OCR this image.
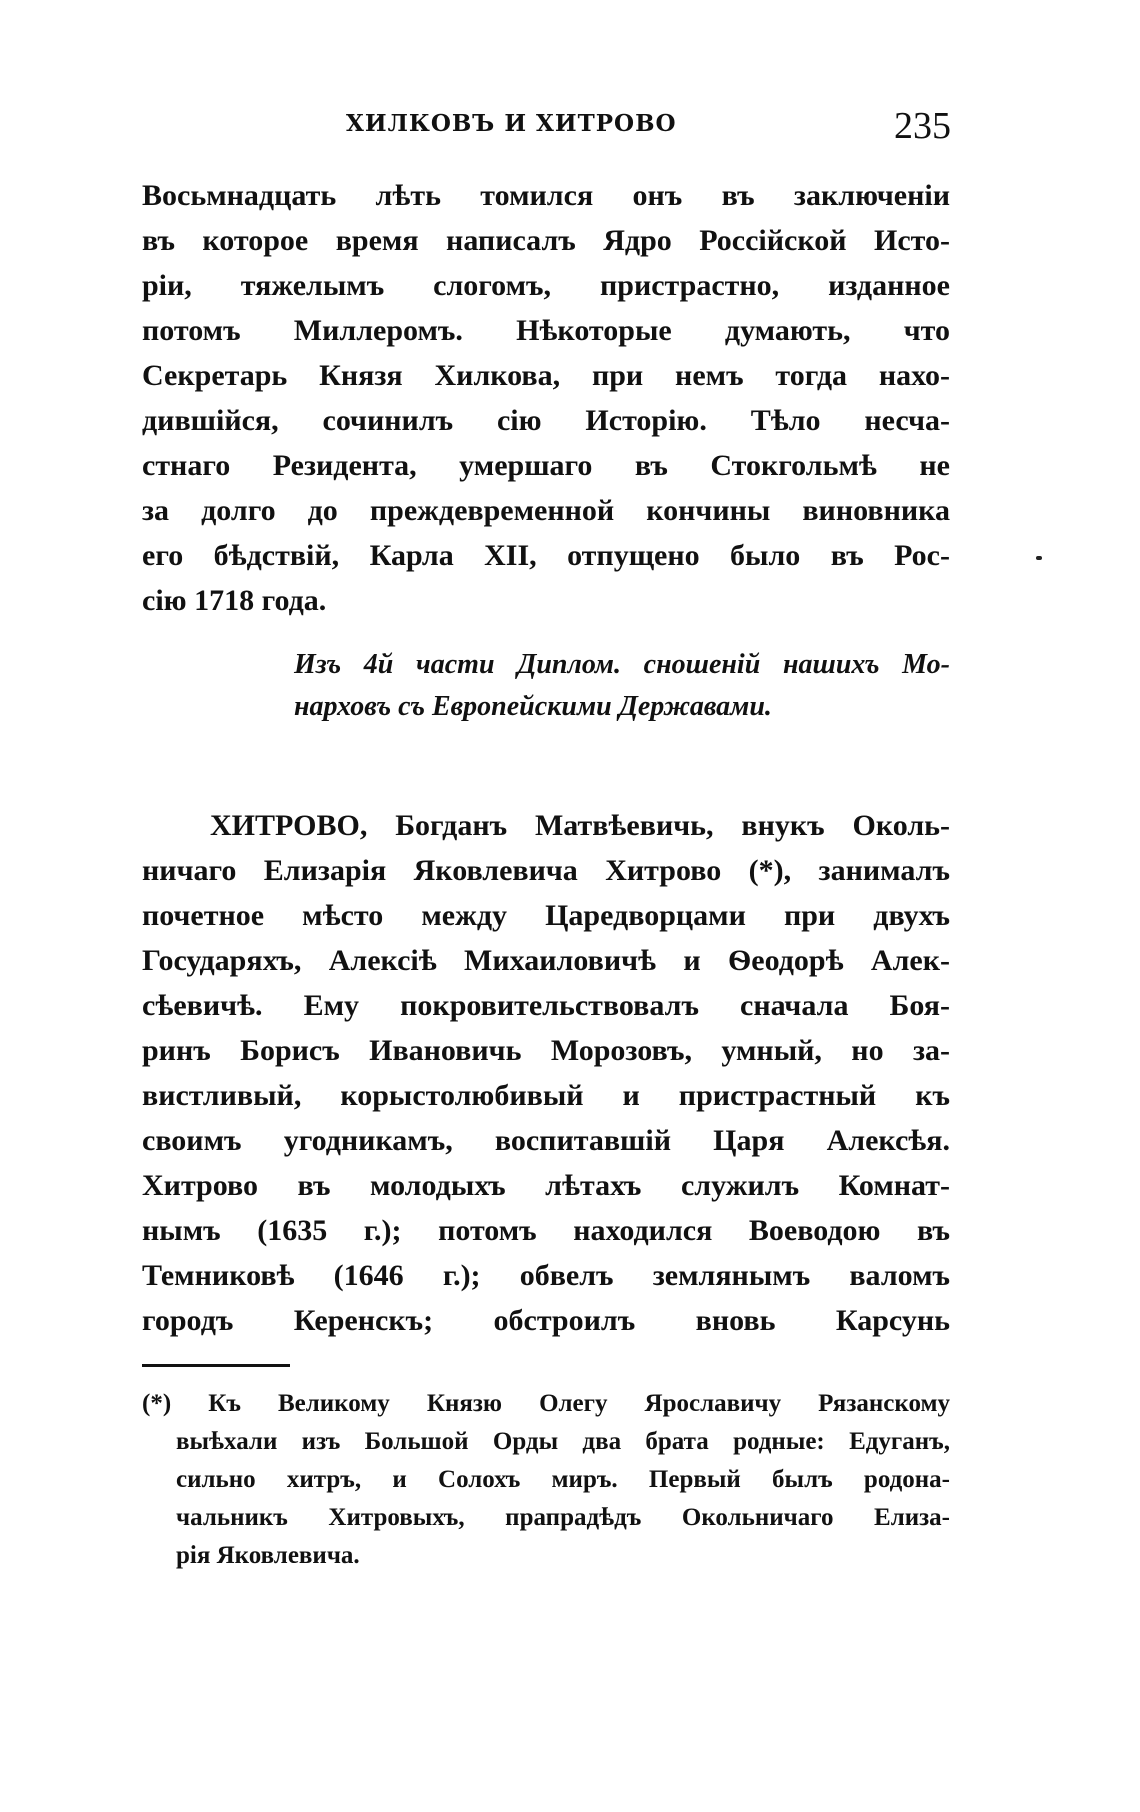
ХИЛКОВЪ И ХИТРОВО	235
Восьмнадцать лѣть томился онъ въ заключеніи
въ которое время написалъ Ядро Россійской Исто-
ріи, тяжелымъ слогомъ, пристрастно, изданное
потомъ Миллеромъ. Нѣкоторые думають, что
Секретарь Князя Хилкова, при немъ тогда нахо-
дившійся, сочинилъ сію Исторію. Тѣло несча-
стнаго Резидента, умершаго въ Стокгольмѣ не
за долго до преждевременной кончины виновника
его бѣдствій, Карла XII, отпущено было въ Рос-
сію 1718 года.
Изъ 4й части Диплом. сношеній нашихъ Мо-
нарховъ съ Европейскими Державами.
ХИТРОВО, Богданъ Матвѣевичь, внукъ Околь-
ничаго Елизарія Яковлевича Хитрово (*), занималъ
почетное мѣсто между Царедворцами при двухъ
Государяхъ, Алексіѣ Михаиловичѣ и Ѳеодорѣ Алек-
сѣевичѣ. Ему покровительствовалъ сначала Боя-
ринъ Борисъ Ивановичь Морозовъ, умный, но за-
вистливый, корыстолюбивый и пристрастный къ
своимъ угодникамъ, воспитавшій Царя Алексѣя.
Хитрово въ молодыхъ лѣтахъ служилъ Комнат-
нымъ (1635 г.); потомъ находился Воеводою въ
Темниковѣ (1646 г.); обвелъ землянымъ валомъ
городъ Керенскъ; обстроилъ вновь Карсунь
(*) Къ Великому Князю Олегу Ярославичу Рязанскому
выѣхали изъ Большой Орды два брата родные: Едуганъ,
сильно хитръ, и Солохъ миръ. Первый былъ родона-
чальникъ Хитровыхъ, прапрадѣдъ Окольничаго Елиза-
рія Яковлевича.
